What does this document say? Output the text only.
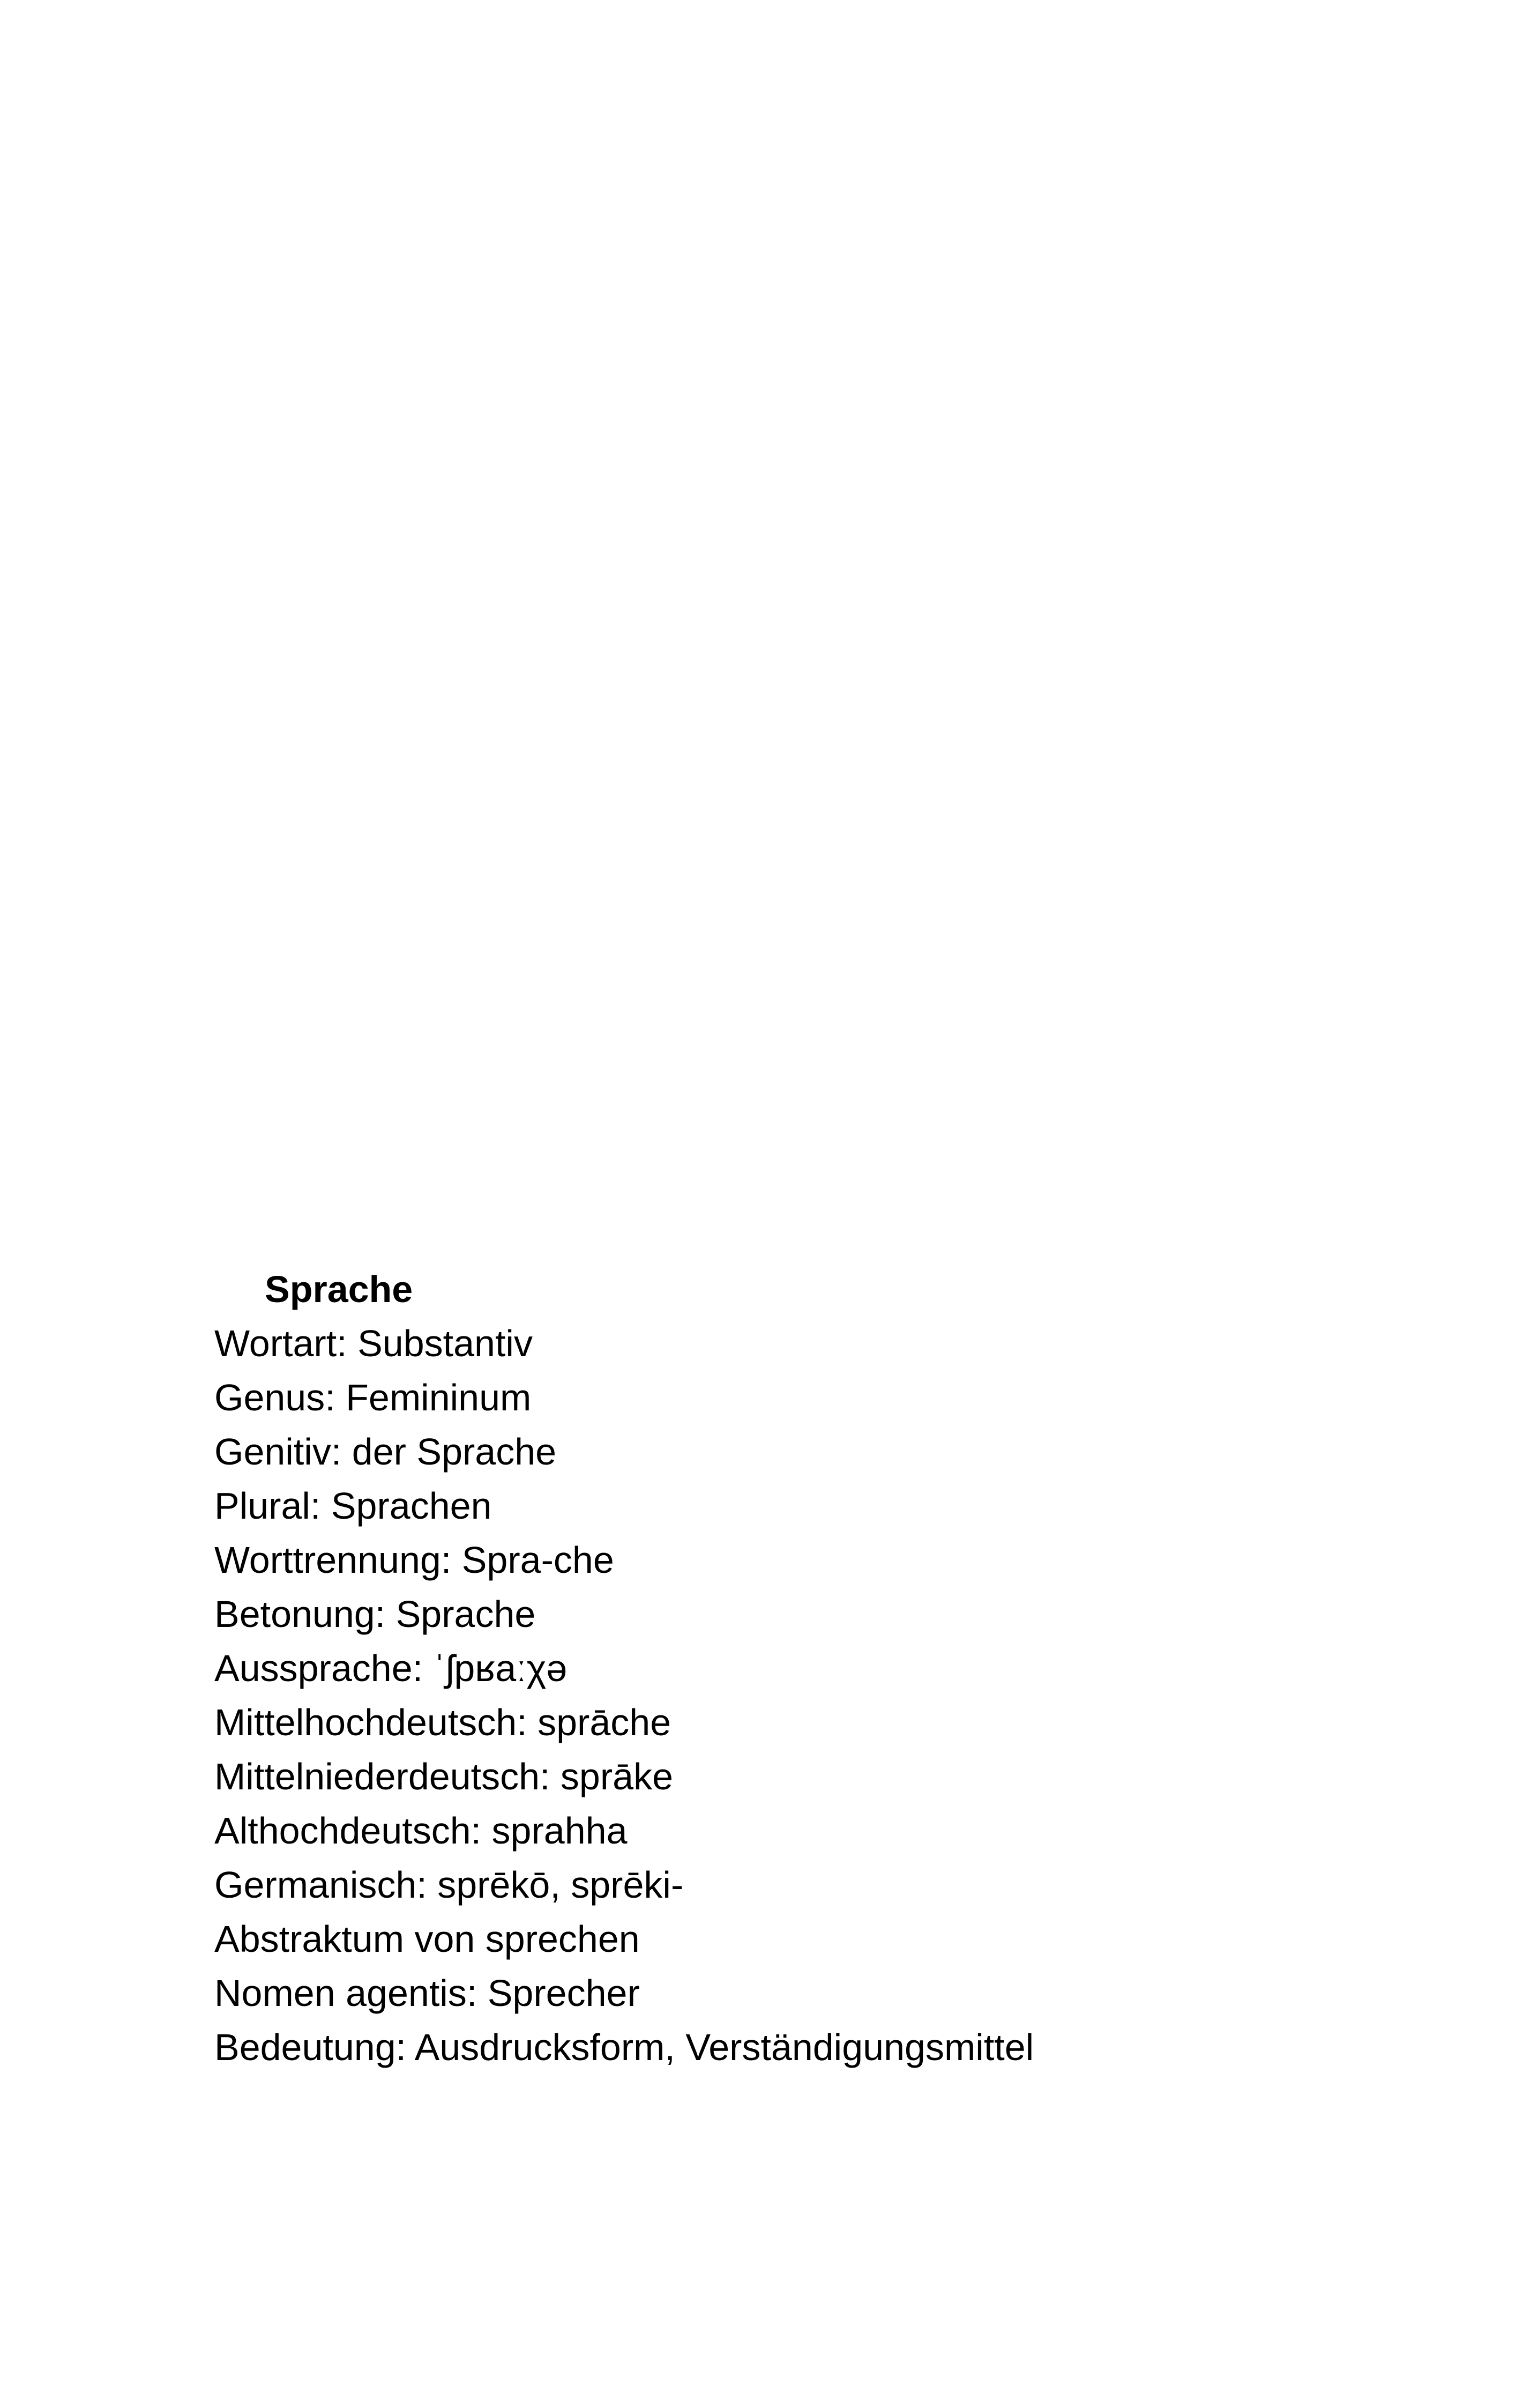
Sprache
Wortart: Substantiv
Genus: Femininum
Genitiv: der Sprache
Plural: Sprachen
Worttrennung: Spra-che
Betonung: Sprache
Aussprache: ˈʃpʁaːχə
Mittelhochdeutsch: sprāche
Mittelniederdeutsch: sprāke
Althochdeutsch: sprahha
Germanisch: sprēkō, sprēki-
Abstraktum von sprechen
Nomen agentis: Sprecher
Bedeutung: Ausdrucksform, Verständigungsmittel
